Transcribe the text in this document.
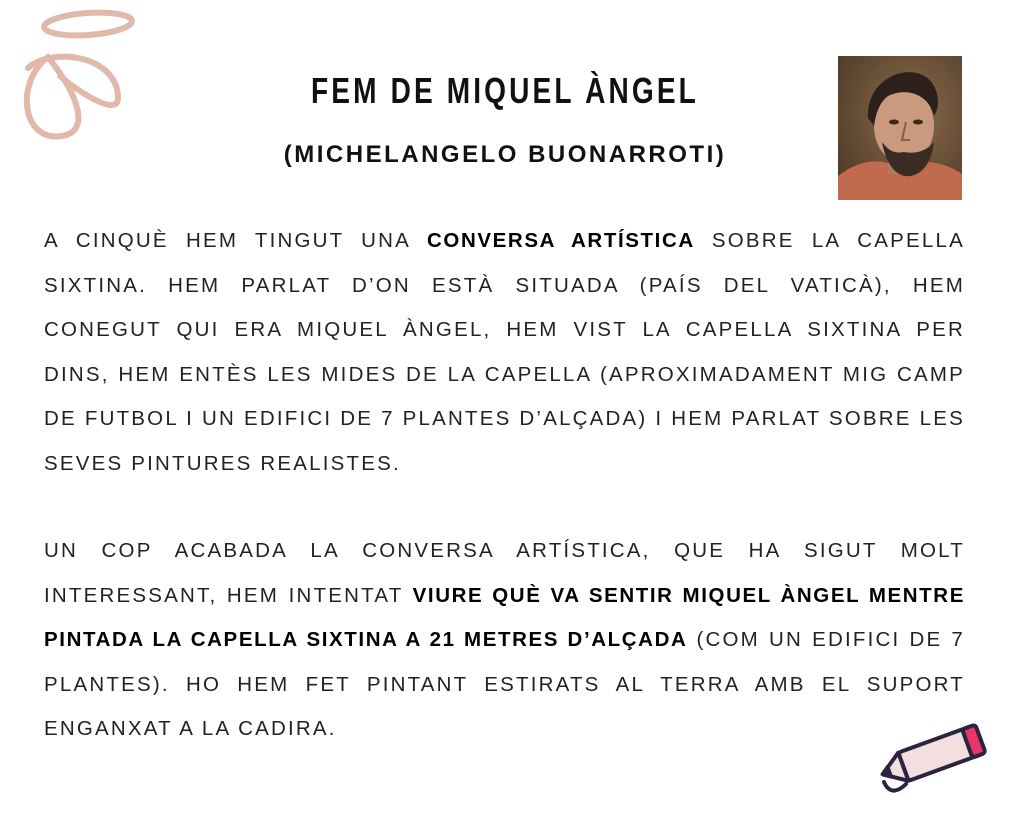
FEM DE MIQUEL ÀNGEL
(MICHELANGELO BUONARROTI)
A CINQUÈ HEM TINGUT UNA CONVERSA ARTÍSTICA SOBRE LA CAPELLA SIXTINA. HEM PARLAT D’ON ESTÀ SITUADA (PAÍS DEL VATICÀ), HEM CONEGUT QUI ERA MIQUEL ÀNGEL, HEM VIST LA CAPELLA SIXTINA PER DINS, HEM ENTÈS LES MIDES DE LA CAPELLA (APROXIMADAMENT MIG CAMP DE FUTBOL I UN EDIFICI DE 7 PLANTES D’ALÇADA) I HEM PARLAT SOBRE LES SEVES PINTURES REALISTES.
UN COP ACABADA LA CONVERSA ARTÍSTICA, QUE HA SIGUT MOLT INTERESSANT, HEM INTENTAT VIURE QUÈ VA SENTIR MIQUEL ÀNGEL MENTRE PINTADA LA CAPELLA SIXTINA A 21 METRES D’ALÇADA (COM UN EDIFICI DE 7 PLANTES). HO HEM FET PINTANT ESTIRATS AL TERRA AMB EL SUPORT ENGANXAT A LA CADIRA.
